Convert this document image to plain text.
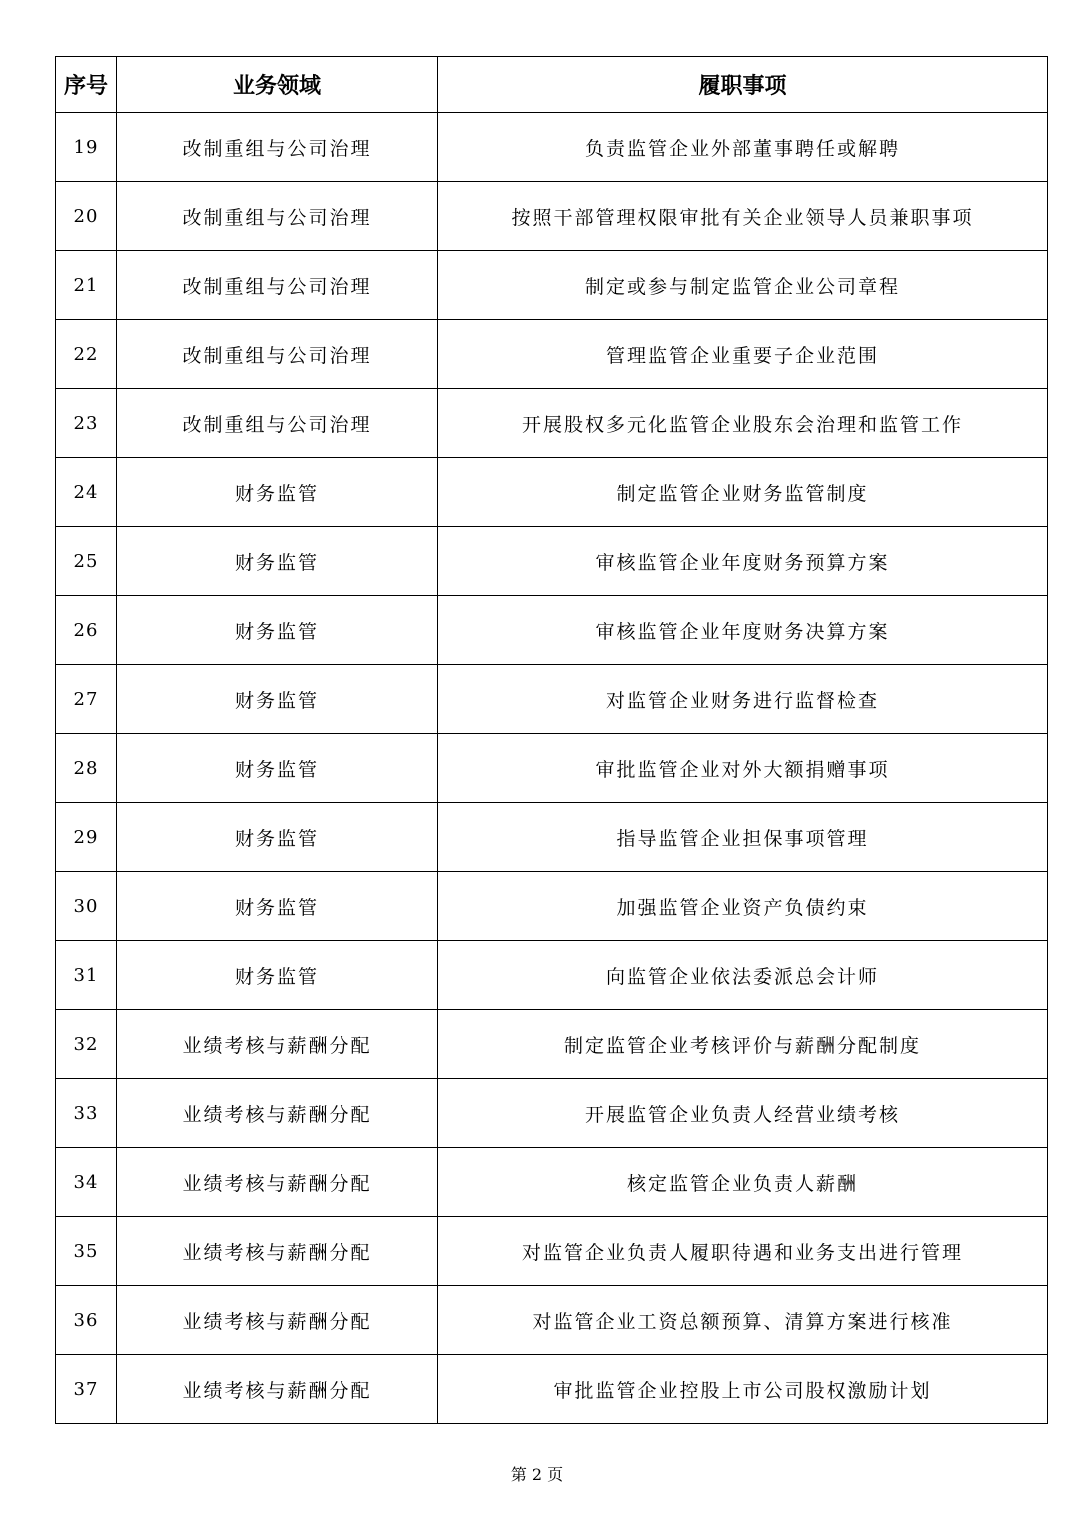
序号	业务领域	履职事项
19	改制重组与公司治理	负责监管企业外部董事聘任或解聘
20	改制重组与公司治理	按照干部管理权限审批有关企业领导人员兼职事项
21	改制重组与公司治理	制定或参与制定监管企业公司章程
22	改制重组与公司治理	管理监管企业重要子企业范围
23	改制重组与公司治理	开展股权多元化监管企业股东会治理和监管工作
24	财务监管	制定监管企业财务监管制度
25	财务监管	审核监管企业年度财务预算方案
26	财务监管	审核监管企业年度财务决算方案
27	财务监管	对监管企业财务进行监督检查
28	财务监管	审批监管企业对外大额捐赠事项
29	财务监管	指导监管企业担保事项管理
30	财务监管	加强监管企业资产负债约束
31	财务监管	向监管企业依法委派总会计师
32	业绩考核与薪酬分配	制定监管企业考核评价与薪酬分配制度
33	业绩考核与薪酬分配	开展监管企业负责人经营业绩考核
34	业绩考核与薪酬分配	核定监管企业负责人薪酬
35	业绩考核与薪酬分配	对监管企业负责人履职待遇和业务支出进行管理
36	业绩考核与薪酬分配	对监管企业工资总额预算、清算方案进行核准
37	业绩考核与薪酬分配	审批监管企业控股上市公司股权激励计划
第 2 页
